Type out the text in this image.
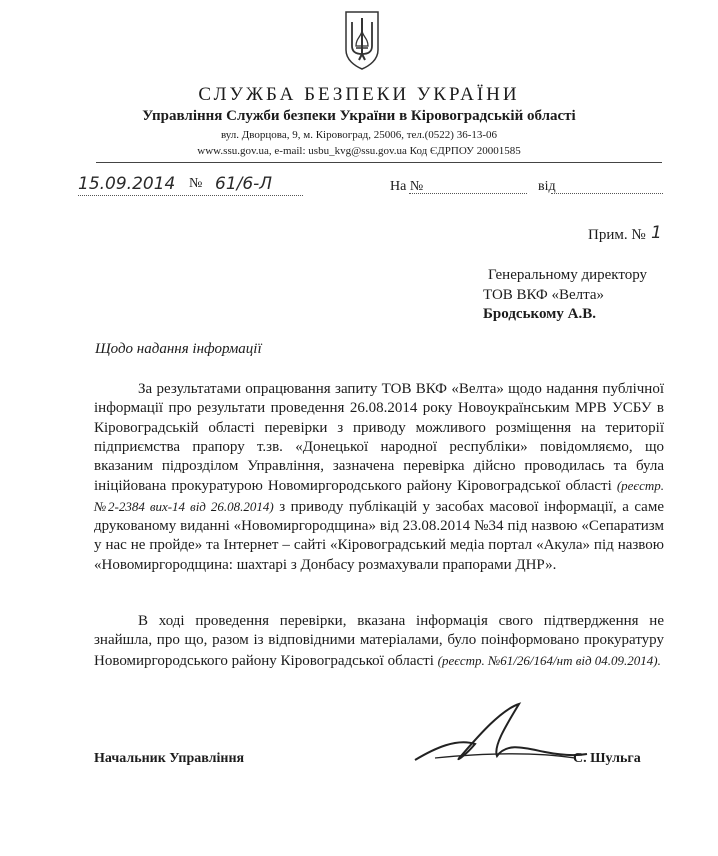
СЛУЖБА БЕЗПЕКИ УКРАЇНИ
Управління Служби безпеки України в Кіровоградській області
вул. Дворцова, 9, м. Кіровоград, 25006, тел.(0522) 36-13-06
www.ssu.gov.ua, e-mail: usbu_kvg@ssu.gov.ua Код ЄДРПОУ 20001585
15.09.2014 № 61/6-Л	На №	від
Прим. № 1
Генеральному директору
ТОВ ВКФ «Велта»
Бродському А.В.
Щодо надання інформації
За результатами опрацювання запиту ТОВ ВКФ «Велта» щодо надання публічної інформації про результати проведення 26.08.2014 року Новоукраїнським МРВ УСБУ в Кіровоградській області перевірки з приводу можливого розміщення на території підприємства прапору т.зв. «Донецької народної республіки» повідомляємо, що вказаним підрозділом Управління, зазначена перевірка дійсно проводилась та була ініційована прокуратурою Новомиргородського району Кіровоградської області (реєстр.№2-2384 вих-14 від 26.08.2014) з приводу публікацій у засобах масової інформації, а саме друкованому виданні «Новомиргородщина» від 23.08.2014 №34 під назвою «Сепаратизм у нас не пройде» та Інтернет – сайті «Кіровоградський медіа портал «Акула» під назвою «Новомиргородщина: шахтарі з Донбасу розмахували прапорами ДНР».
В ході проведення перевірки, вказана інформація свого підтвердження не знайшла, про що, разом із відповідними матеріалами, було поінформовано прокуратуру Новомиргородського району Кіровоградської області (реєстр. №61/26/164/нт від 04.09.2014).
Начальник Управління	С. Шульга
